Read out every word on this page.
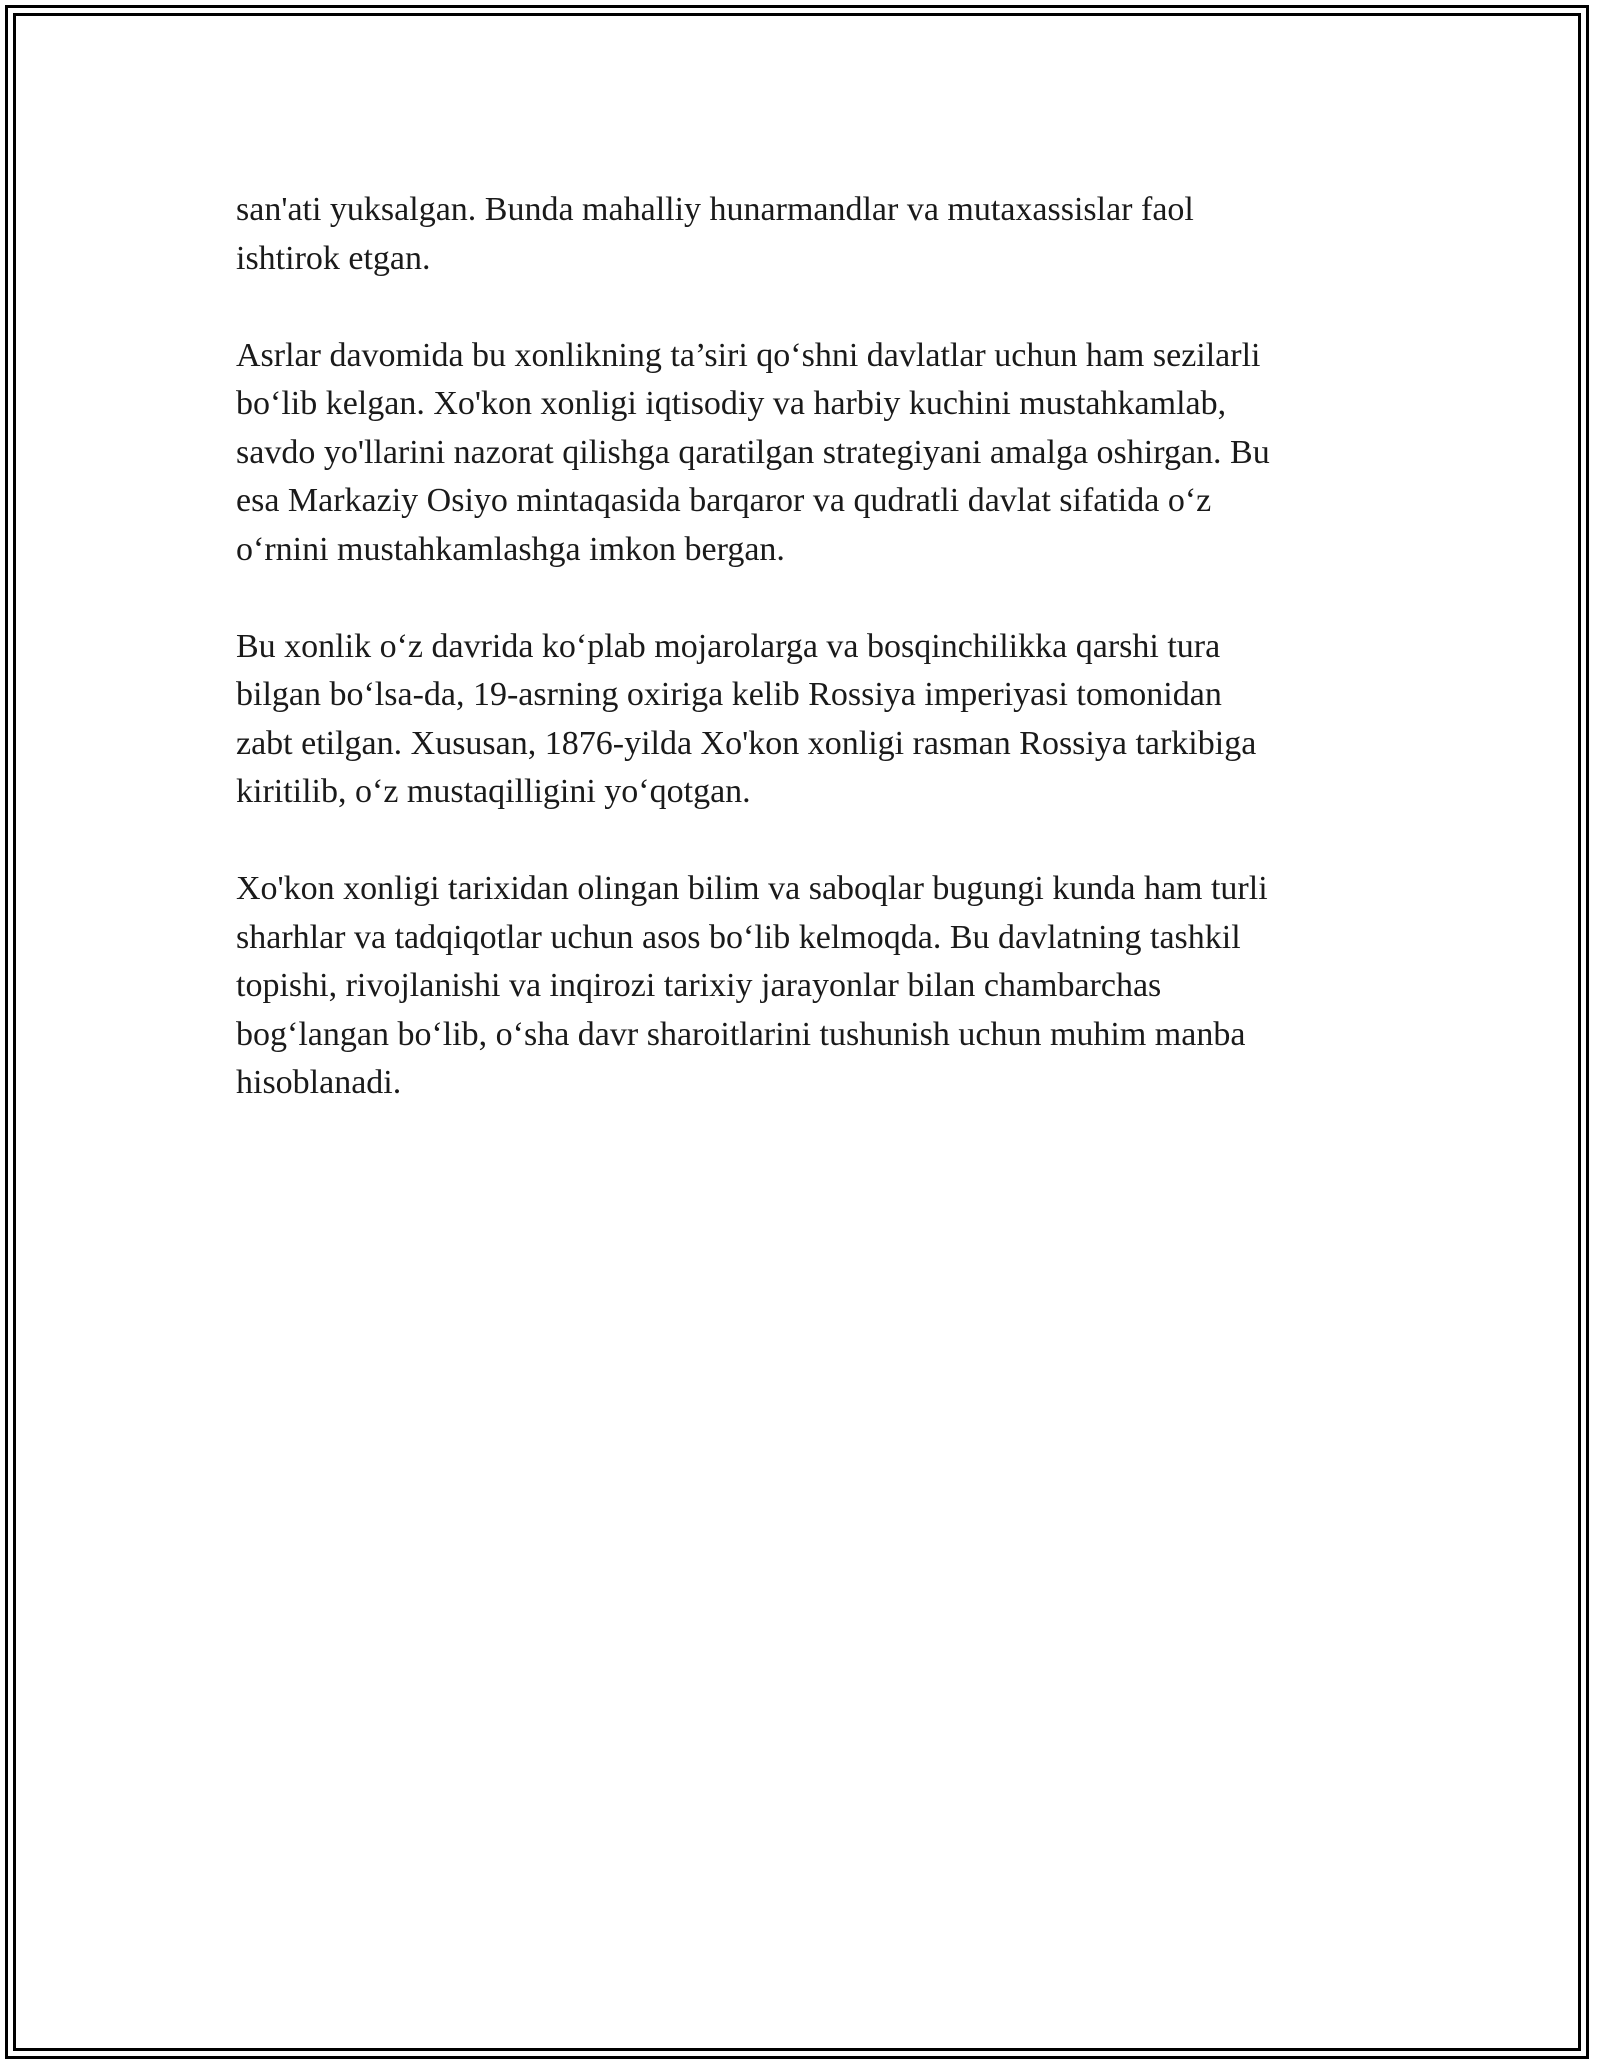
san'ati yuksalgan. Bunda mahalliy hunarmandlar va mutaxassislar faol
ishtirok etgan.

Asrlar davomida bu xonlikning ta’siri qo‘shni davlatlar uchun ham sezilarli
bo‘lib kelgan. Xo'kon xonligi iqtisodiy va harbiy kuchini mustahkamlab,
savdo yo'llarini nazorat qilishga qaratilgan strategiyani amalga oshirgan. Bu
esa Markaziy Osiyo mintaqasida barqaror va qudratli davlat sifatida o‘z
o‘rnini mustahkamlashga imkon bergan.

Bu xonlik o‘z davrida ko‘plab mojarolarga va bosqinchilikka qarshi tura
bilgan bo‘lsa-da, 19-asrning oxiriga kelib Rossiya imperiyasi tomonidan
zabt etilgan. Xususan, 1876-yilda Xo'kon xonligi rasman Rossiya tarkibiga
kiritilib, o‘z mustaqilligini yo‘qotgan.

Xo'kon xonligi tarixidan olingan bilim va saboqlar bugungi kunda ham turli
sharhlar va tadqiqotlar uchun asos bo‘lib kelmoqda. Bu davlatning tashkil
topishi, rivojlanishi va inqirozi tarixiy jarayonlar bilan chambarchas
bog‘langan bo‘lib, o‘sha davr sharoitlarini tushunish uchun muhim manba
hisoblanadi.
